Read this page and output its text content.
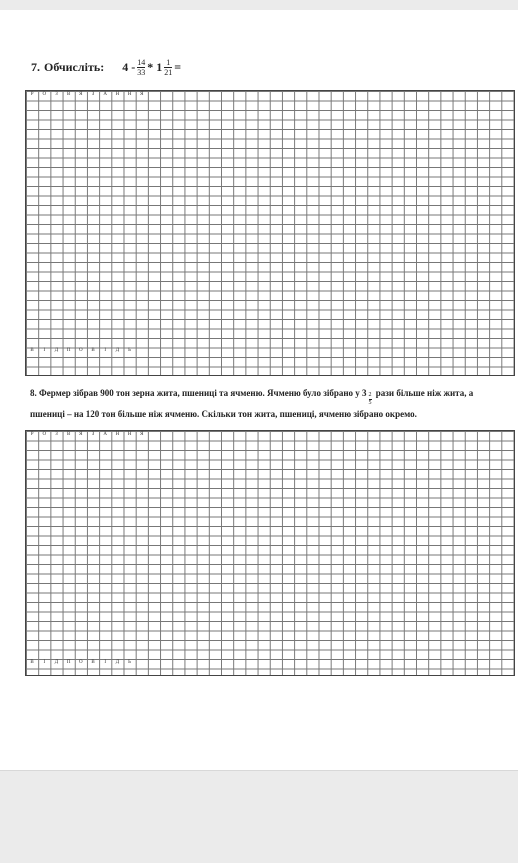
7. Обчисліть: $4 - \frac{14}{33} * 1 \frac{1}{21}$ =
Р	О	З	В	Я	З	А	Н	Н	Я
В	І	Д	П	О	В	І	Д	Ь
8. Фермер зібрав 900 тон зерна жита, пшениці та ячменю. Ячменю було зібрано у $3 \frac{2}{5}$ рази більше ніж жита, а пшениці – на 120 тон більше ніж ячменю. Скільки тон жита, пшениці, ячменю зібрано окремо.
Р	О	З	В	Я	З	А	Н	Н	Я
В	І	Д	П	О	В	І	Д	Ь
